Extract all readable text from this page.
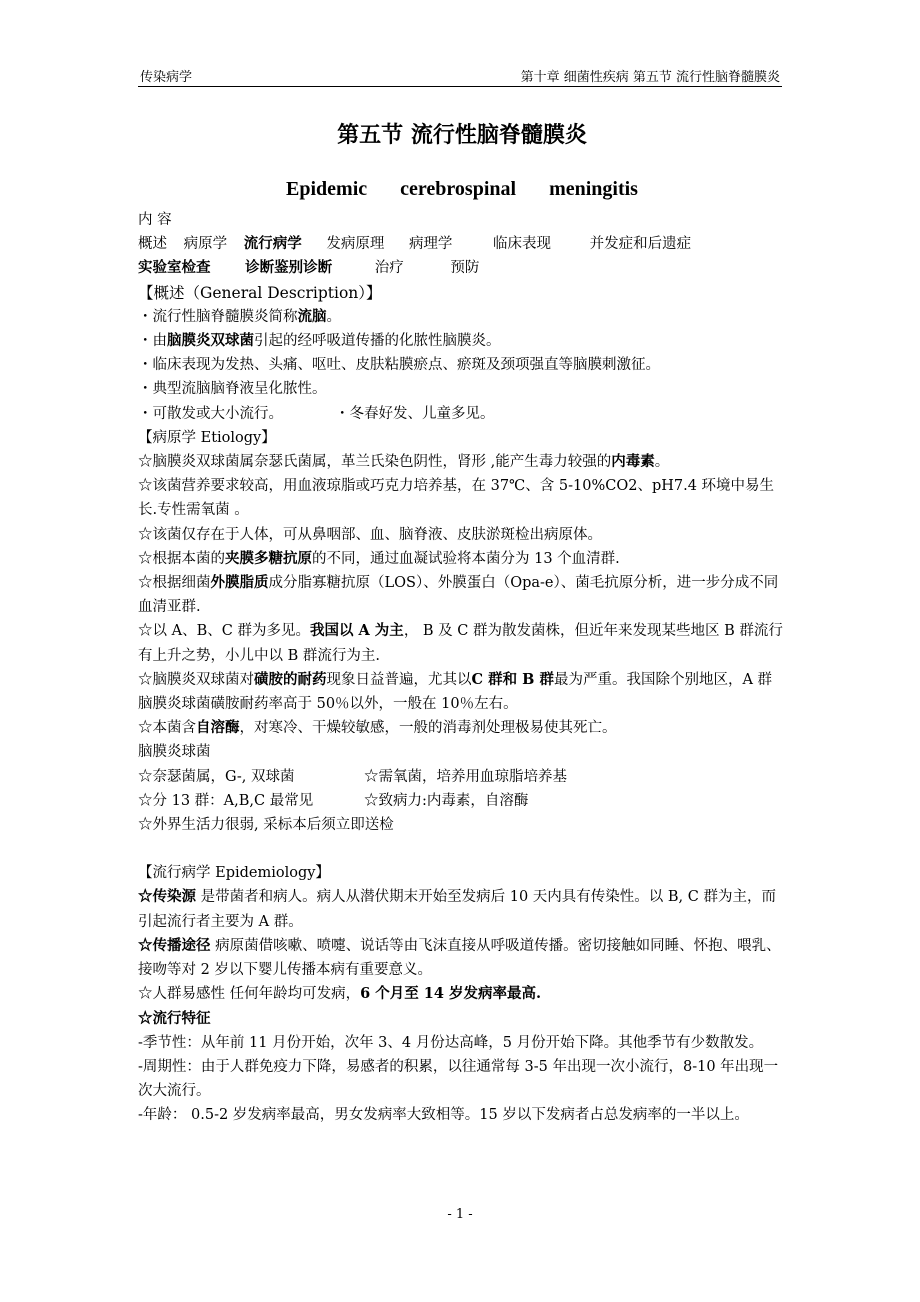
传染病学	第十章 细菌性疾病 第五节 流行性脑脊髓膜炎

第五节 流行性脑脊髓膜炎

Epidemic cerebrospinal meningitis

内 容

概述 病原学 流行病学 发病原理 病理学	临床表现	并发症和后遗症

实验室检查 诊断鉴别诊断	治疗	预防

【概述（General Description）】

・流行性脑脊髓膜炎简称流脑。

・由脑膜炎双球菌引起的经呼吸道传播的化脓性脑膜炎。

・临床表现为发热、头痛、呕吐、皮肤粘膜瘀点、瘀斑及颈项强直等脑膜刺激征。

・典型流脑脑脊液呈化脓性。

・可散发或大小流行。	・冬春好发、儿童多见。

【病原学 Etiology】

☆脑膜炎双球菌属奈瑟氏菌属，革兰氏染色阴性，肾形 ,能产生毒力较强的内毒素。

☆该菌营养要求较高，用血液琼脂或巧克力培养基，在 37℃、含 5-10%CO2、pH7.4 环境中易生长.专性需氧菌 。

☆该菌仅存在于人体，可从鼻咽部、血、脑脊液、皮肤淤斑检出病原体。

☆根据本菌的夹膜多糖抗原的不同，通过血凝试验将本菌分为 13 个血清群.

☆根据细菌外膜脂质成分脂寡糖抗原（LOS）、外膜蛋白（Opa-e）、菌毛抗原分析，进一步分成不同血清亚群.

☆以 A、B、C 群为多见。我国以 A 为主， B 及 C 群为散发菌株，但近年来发现某些地区 B 群流行有上升之势，小儿中以 B 群流行为主.

☆脑膜炎双球菌对磺胺的耐药现象日益普遍，尤其以C 群和 B 群最为严重。我国除个别地区，A 群脑膜炎球菌磺胺耐药率高于 50％以外，一般在 10％左右。

☆本菌含自溶酶，对寒冷、干燥较敏感，一般的消毒剂处理极易使其死亡。

脑膜炎球菌

☆奈瑟菌属，G-, 双球菌	☆需氧菌，培养用血琼脂培养基

☆分 13 群：A,B,C 最常见	☆致病力:内毒素，自溶酶

☆外界生活力很弱, 采标本后须立即送检

【流行病学 Epidemiology】

☆传染源 是带菌者和病人。病人从潜伏期末开始至发病后 10 天内具有传染性。以 B, C 群为主，而引起流行者主要为 A 群。

☆传播途径 病原菌借咳嗽、喷嚏、说话等由飞沫直接从呼吸道传播。密切接触如同睡、怀抱、喂乳、接吻等对 2 岁以下婴儿传播本病有重要意义。

☆人群易感性 任何年龄均可发病，6 个月至 14 岁发病率最高.

☆流行特征

-季节性：从年前 11 月份开始，次年 3、4 月份达高峰，5 月份开始下降。其他季节有少数散发。

-周期性：由于人群免疫力下降，易感者的积累，以往通常每 3-5 年出现一次小流行，8-10 年出现一次大流行。

-年龄： 0.5-2 岁发病率最高，男女发病率大致相等。15 岁以下发病者占总发病率的一半以上。

- 1 -
